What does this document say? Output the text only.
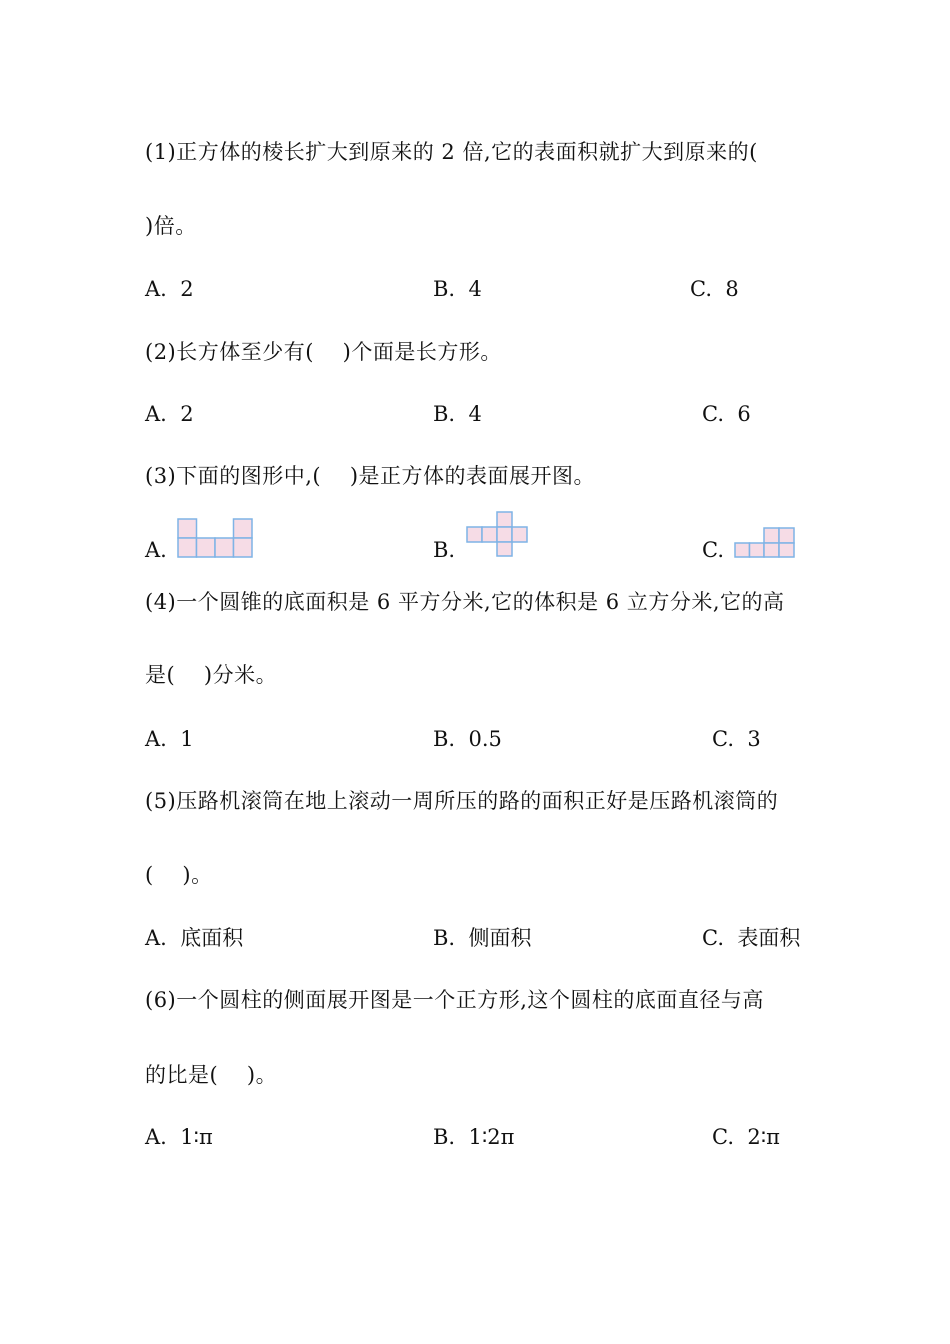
(1)正方体的棱长扩大到原来的 2 倍,它的表面积就扩大到原来的(
)倍。
A.  2	B.  4	C.  8
(2)长方体至少有(    )个面是长方形。
A.  2	B.  4	C.  6
(3)下面的图形中,(    )是正方体的表面展开图。
A.	B.	C.
(4)一个圆锥的底面积是 6 平方分米,它的体积是 6 立方分米,它的高
是(    )分米。
A.  1	B.  0.5	C.  3
(5)压路机滚筒在地上滚动一周所压的路的面积正好是压路机滚筒的
(    )。
A.  底面积	B.  侧面积	C.  表面积
(6)一个圆柱的侧面展开图是一个正方形,这个圆柱的底面直径与高
的比是(    )。
A.  1∶π	B.  1∶2π	C.  2∶π
